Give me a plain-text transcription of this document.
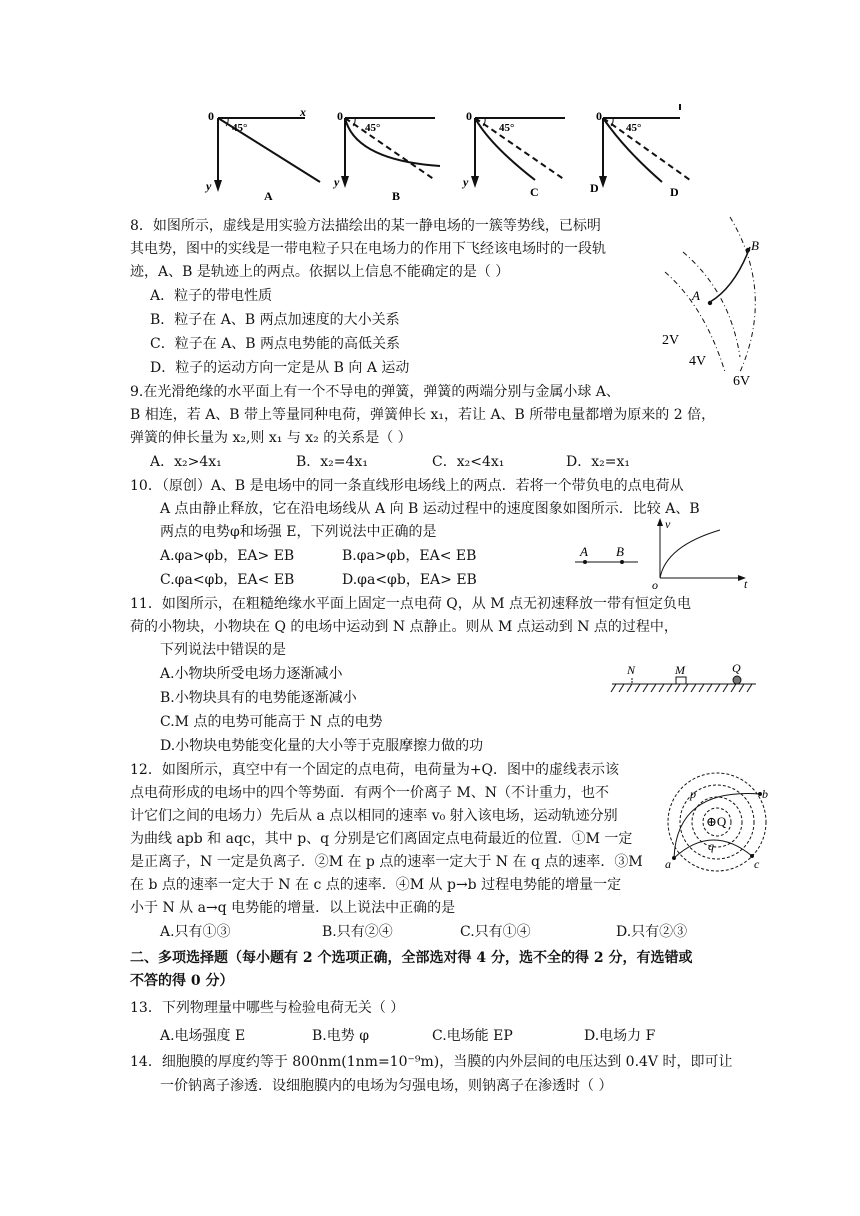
0	x
y
45°
A
0
y
45°
B
0
y
45°
C
0
D
45°
D
8．如图所示，虚线是用实验方法描绘出的某一静电场的一簇等势线，已标明
其电势，图中的实线是一带电粒子只在电场力的作用下飞经该电场时的一段轨
迹，A、B 是轨迹上的两点。依据以上信息不能确定的是（ ）
A．粒子的带电性质
B．粒子在 A、B 两点加速度的大小关系
C．粒子在 A、B 两点电势能的高低关系
D．粒子的运动方向一定是从 B 向 A 运动
A
B
2V
4V
6V
9.在光滑绝缘的水平面上有一个不导电的弹簧，弹簧的两端分别与金属小球 A、
B 相连，若 A、B 带上等量同种电荷，弹簧伸长 x₁，若让 A、B 所带电量都增为原来的 2 倍，
弹簧的伸长量为 x₂,则 x₁ 与 x₂ 的关系是（ ）
A．x₂>4x₁	B．x₂=4x₁	C．x₂<4x₁	D．x₂=x₁
10．（原创）A、B 是电场中的同一条直线形电场线上的两点．若将一个带负电的点电荷从
A 点由静止释放，它在沿电场线从 A 向 B 运动过程中的速度图象如图所示．比较 A、B
两点的电势φ和场强 E，下列说法中正确的是
A.φa>φb，EA> EB	B.φa>φb，EA< EB
C.φa<φb，EA< EB	D.φa<φb，EA> EB
A B
v
t
o
11．如图所示，在粗糙绝缘水平面上固定一点电荷 Q，从 M 点无初速释放一带有恒定负电
荷的小物块，小物块在 Q 的电场中运动到 N 点静止。则从 M 点运动到 N 点的过程中，
下列说法中错误的是
A.小物块所受电场力逐渐减小
B.小物块具有的电势能逐渐减小
C.M 点的电势可能高于 N 点的电势
D.小物块电势能变化量的大小等于克服摩擦力做的功
N	M	Q
12．如图所示，真空中有一个固定的点电荷，电荷量为+Q．图中的虚线表示该
点电荷形成的电场中的四个等势面．有两个一价离子 M、N（不计重力，也不
计它们之间的电场力）先后从 a 点以相同的速率 v₀ 射入该电场，运动轨迹分别
为曲线 apb 和 aqc，其中 p、q 分别是它们离固定点电荷最近的位置．①M 一定
是正离子，N 一定是负离子．②M 在 p 点的速率一定大于 N 在 q 点的速率．③M
在 b 点的速率一定大于 N 在 c 点的速率．④M 从 p→b 过程电势能的增量一定
小于 N 从 a→q 电势能的增量．以上说法中正确的是
A.只有①③	B.只有②④	C.只有①④	D.只有②③
⊕Q
a
b
c
p
q
二、多项选择题（每小题有 2 个选项正确，全部选对得 4 分，选不全的得 2 分，有选错或
不答的得 0 分）
13．下列物理量中哪些与检验电荷无关（ ）
A.电场强度 E	B.电势 φ	C.电场能 EP	D.电场力 F
14．细胞膜的厚度约等于 800nm(1nm=10⁻⁹m)，当膜的内外层间的电压达到 0.4V 时，即可让
一价钠离子渗透．设细胞膜内的电场为匀强电场，则钠离子在渗透时（ ）
